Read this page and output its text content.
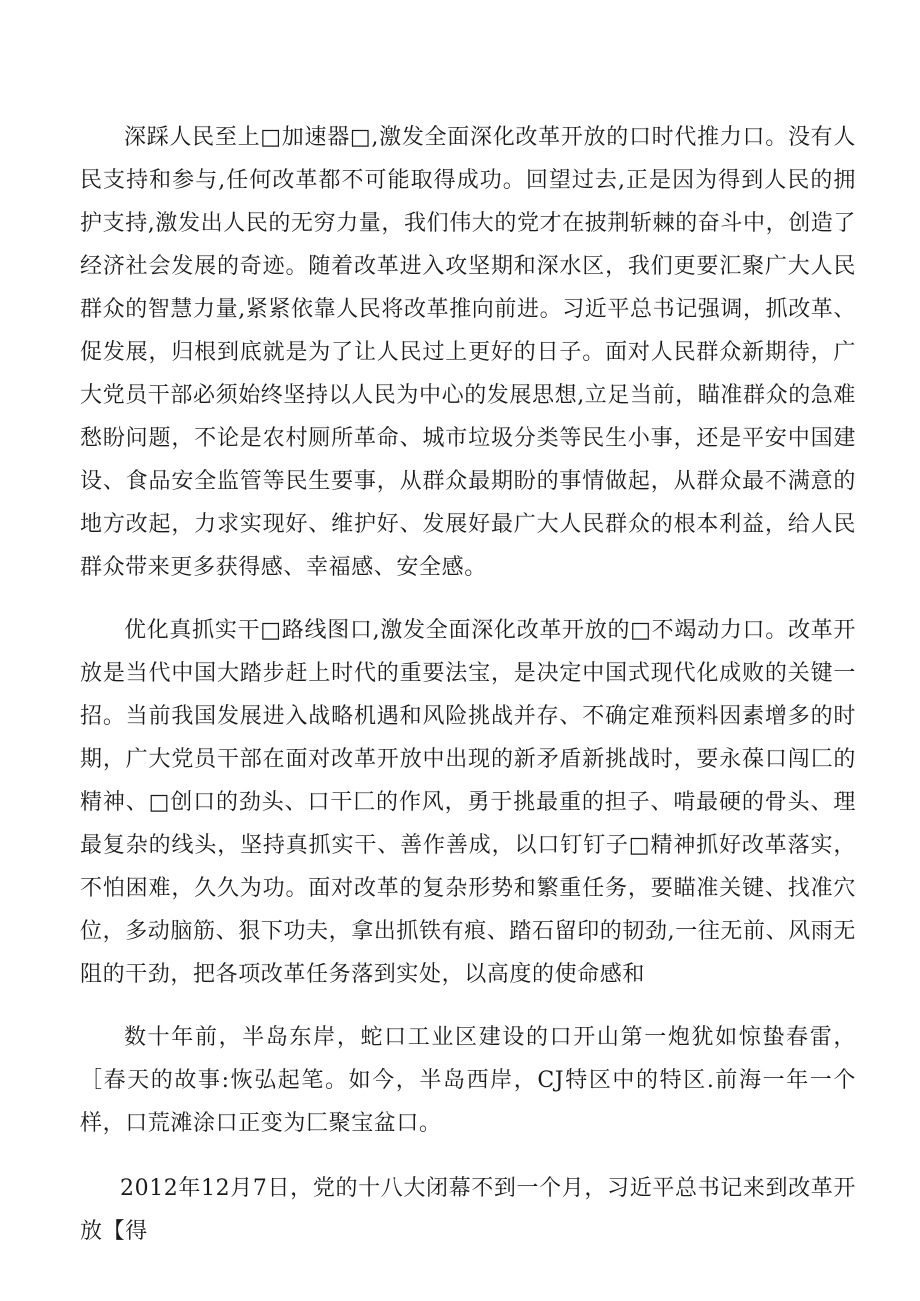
深踩人民至上□加速器□,激发全面深化改革开放的口时代推力口。没有人民支持和参与,任何改革都不可能取得成功。回望过去,正是因为得到人民的拥护支持,激发出人民的无穷力量，我们伟大的党才在披荆斩棘的奋斗中，创造了经济社会发展的奇迹。随着改革进入攻坚期和深水区，我们更要汇聚广大人民群众的智慧力量,紧紧依靠人民将改革推向前进。习近平总书记强调，抓改革、促发展，归根到底就是为了让人民过上更好的日子。面对人民群众新期待，广大党员干部必须始终坚持以人民为中心的发展思想,立足当前，瞄准群众的急难愁盼问题，不论是农村厕所革命、城市垃圾分类等民生小事，还是平安中国建设、食品安全监管等民生要事，从群众最期盼的事情做起，从群众最不满意的地方改起，力求实现好、维护好、发展好最广大人民群众的根本利益，给人民群众带来更多获得感、幸福感、安全感。

优化真抓实干□路线图口,激发全面深化改革开放的□不竭动力口。改革开放是当代中国大踏步赶上时代的重要法宝，是决定中国式现代化成败的关键一招。当前我国发展进入战略机遇和风险挑战并存、不确定难预料因素增多的时期，广大党员干部在面对改革开放中出现的新矛盾新挑战时，要永葆口闯匚的精神、□创口的劲头、口干匚的作风，勇于挑最重的担子、啃最硬的骨头、理最复杂的线头，坚持真抓实干、善作善成，以口钉钉子□精神抓好改革落实，不怕困难，久久为功。面对改革的复杂形势和繁重任务，要瞄准关键、找准穴位，多动脑筋、狠下功夫，拿出抓铁有痕、踏石留印的韧劲,一往无前、风雨无阻的干劲，把各项改革任务落到实处，以高度的使命感和

数十年前，半岛东岸，蛇口工业区建设的口开山第一炮犹如惊蛰春雷，［春天的故事:恢弘起笔。如今，半岛西岸，CJ特区中的特区.前海一年一个样，口荒滩涂口正变为匚聚宝盆口。

2012年12月7日，党的十八大闭幕不到一个月，习近平总书记来到改革开放【得
